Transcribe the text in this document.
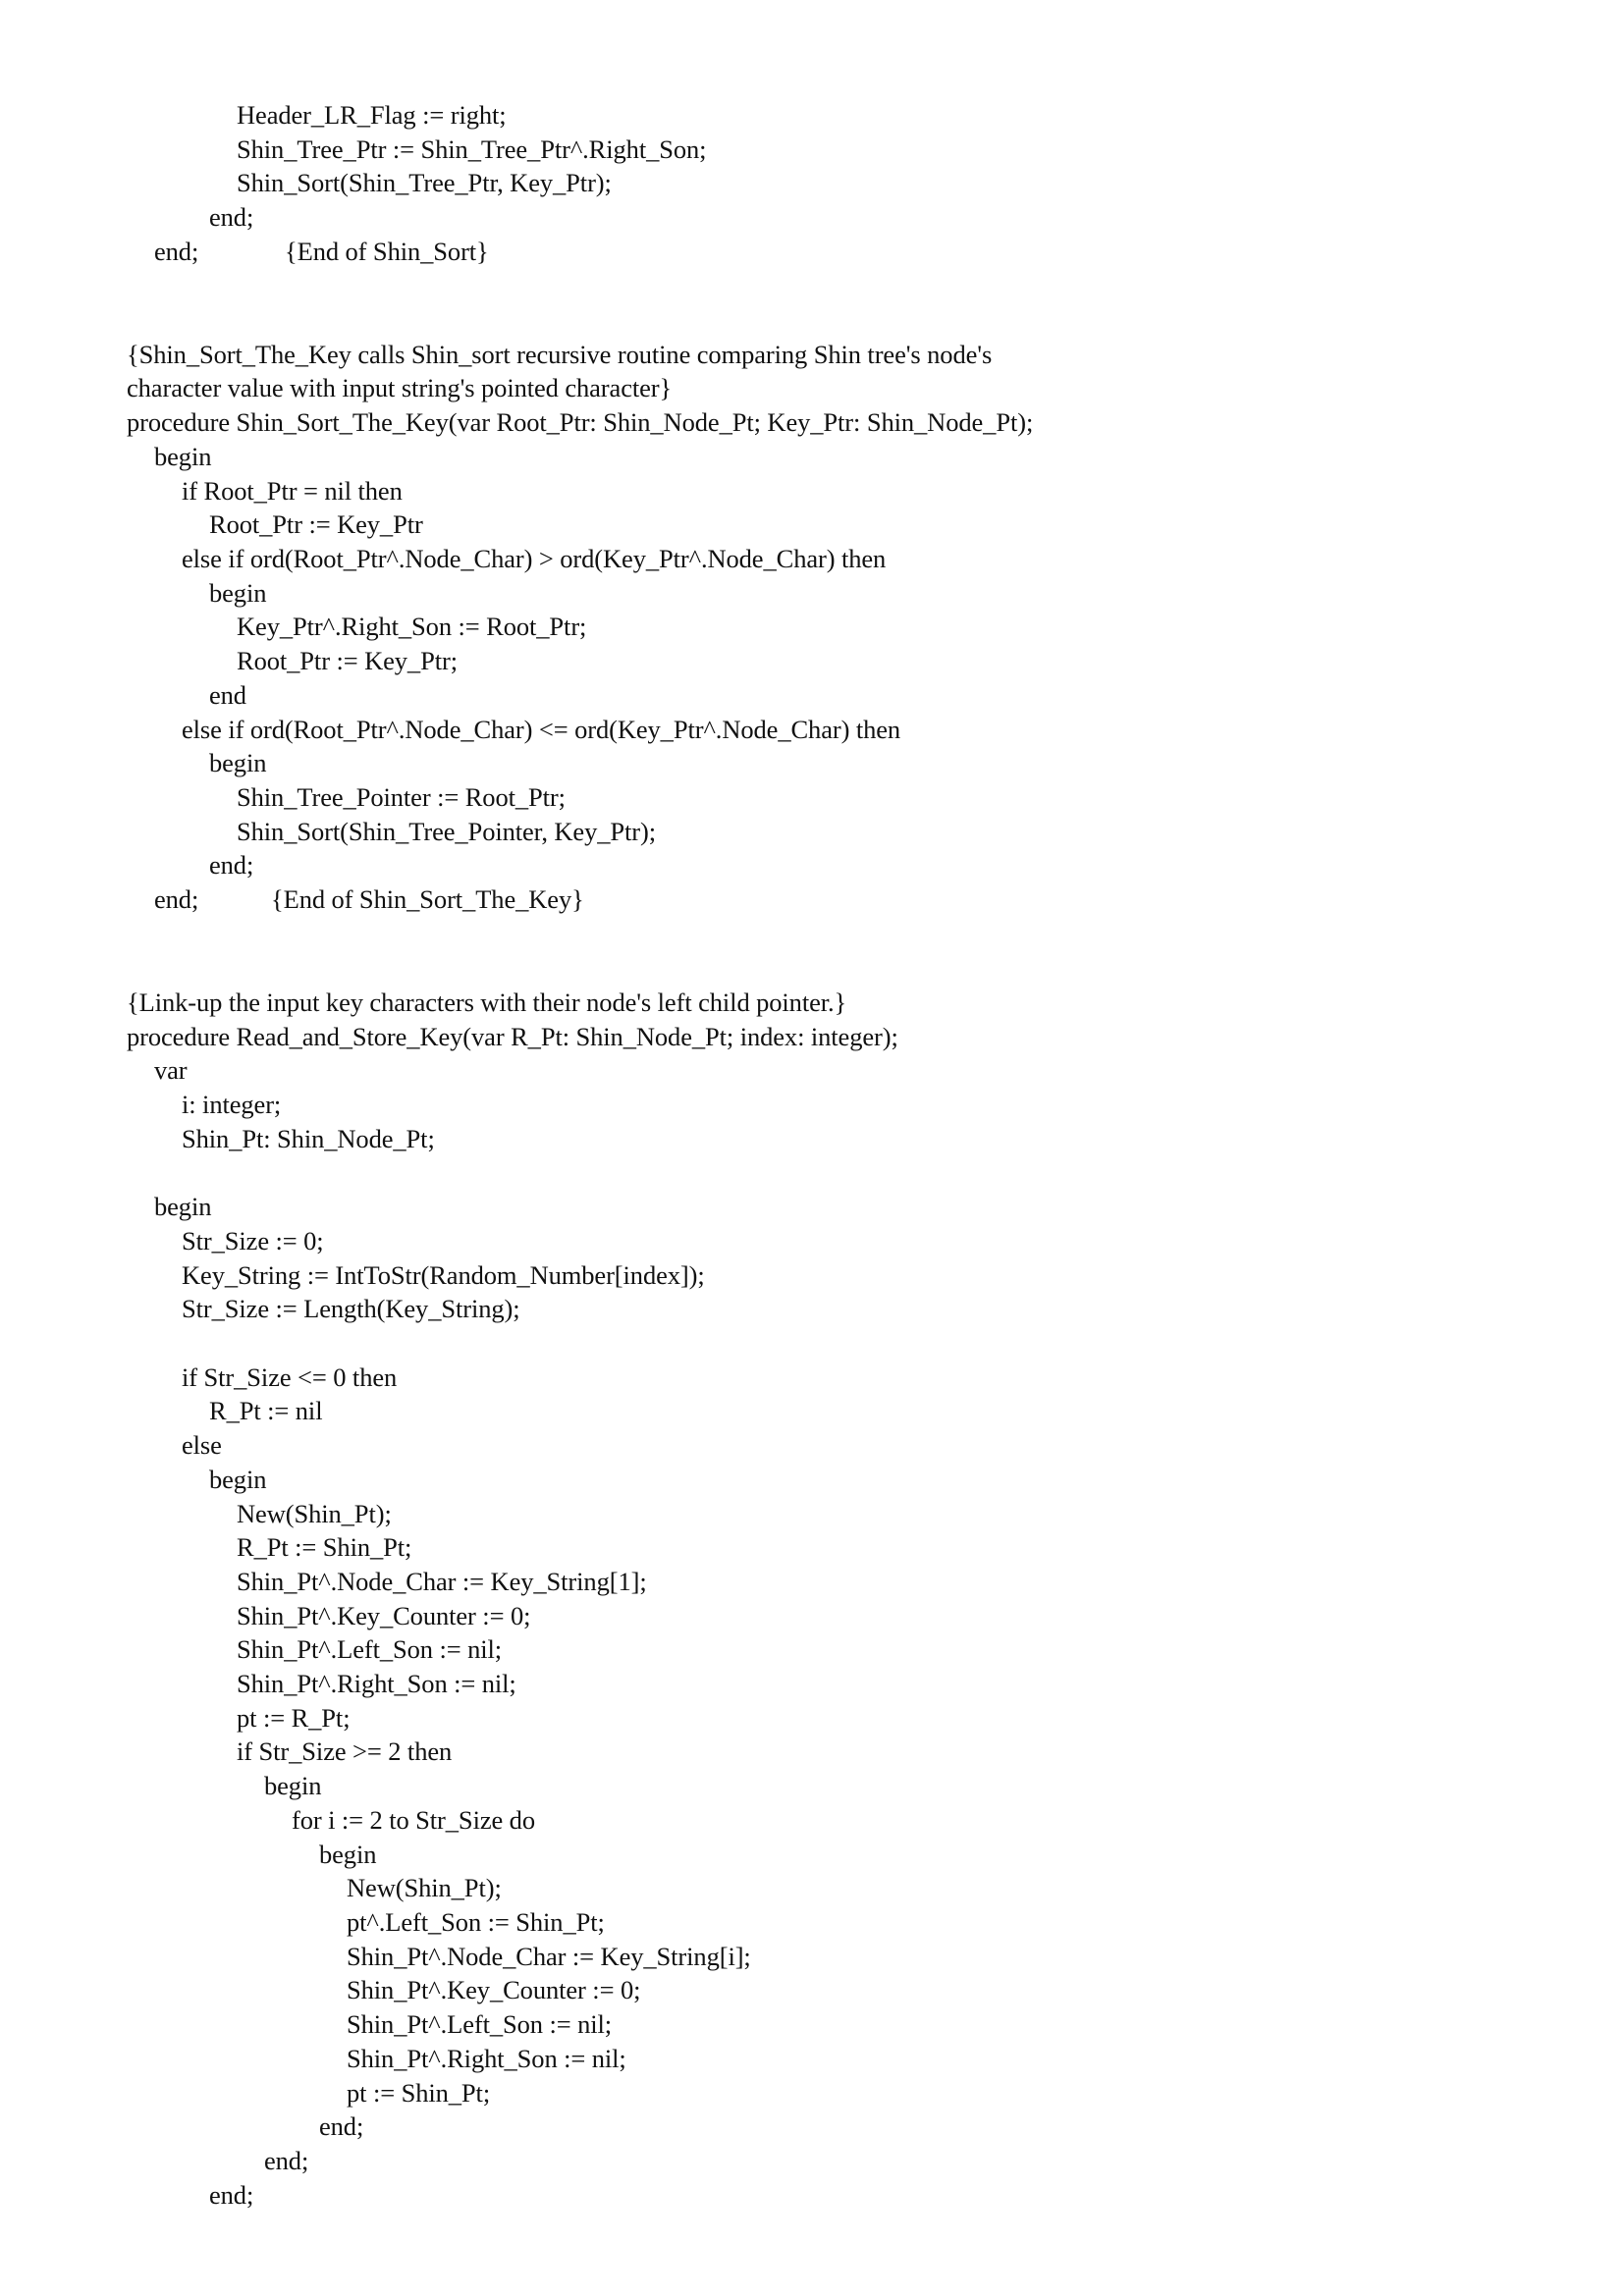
Header_LR_Flag := right;
Shin_Tree_Ptr := Shin_Tree_Ptr^.Right_Son;
Shin_Sort(Shin_Tree_Ptr, Key_Ptr);
end;
end;	{End of Shin_Sort}
{Shin_Sort_The_Key calls Shin_sort recursive routine comparing Shin tree's node's
character value with input string's pointed character}
procedure Shin_Sort_The_Key(var Root_Ptr: Shin_Node_Pt; Key_Ptr: Shin_Node_Pt);
begin
if Root_Ptr = nil then
Root_Ptr := Key_Ptr
else if ord(Root_Ptr^.Node_Char) > ord(Key_Ptr^.Node_Char) then
begin
Key_Ptr^.Right_Son := Root_Ptr;
Root_Ptr := Key_Ptr;
end
else if ord(Root_Ptr^.Node_Char) <= ord(Key_Ptr^.Node_Char) then
begin
Shin_Tree_Pointer := Root_Ptr;
Shin_Sort(Shin_Tree_Pointer, Key_Ptr);
end;
end;	{End of Shin_Sort_The_Key}
{Link-up the input key characters with their node's left child pointer.}
procedure Read_and_Store_Key(var R_Pt: Shin_Node_Pt; index: integer);
var
i: integer;
Shin_Pt: Shin_Node_Pt;
begin
Str_Size := 0;
Key_String := IntToStr(Random_Number[index]);
Str_Size := Length(Key_String);
if Str_Size <= 0 then
R_Pt := nil
else
begin
New(Shin_Pt);
R_Pt := Shin_Pt;
Shin_Pt^.Node_Char := Key_String[1];
Shin_Pt^.Key_Counter := 0;
Shin_Pt^.Left_Son := nil;
Shin_Pt^.Right_Son := nil;
pt := R_Pt;
if Str_Size >= 2 then
begin
for i := 2 to Str_Size do
begin
New(Shin_Pt);
pt^.Left_Son := Shin_Pt;
Shin_Pt^.Node_Char := Key_String[i];
Shin_Pt^.Key_Counter := 0;
Shin_Pt^.Left_Son := nil;
Shin_Pt^.Right_Son := nil;
pt := Shin_Pt;
end;
end;
end;
